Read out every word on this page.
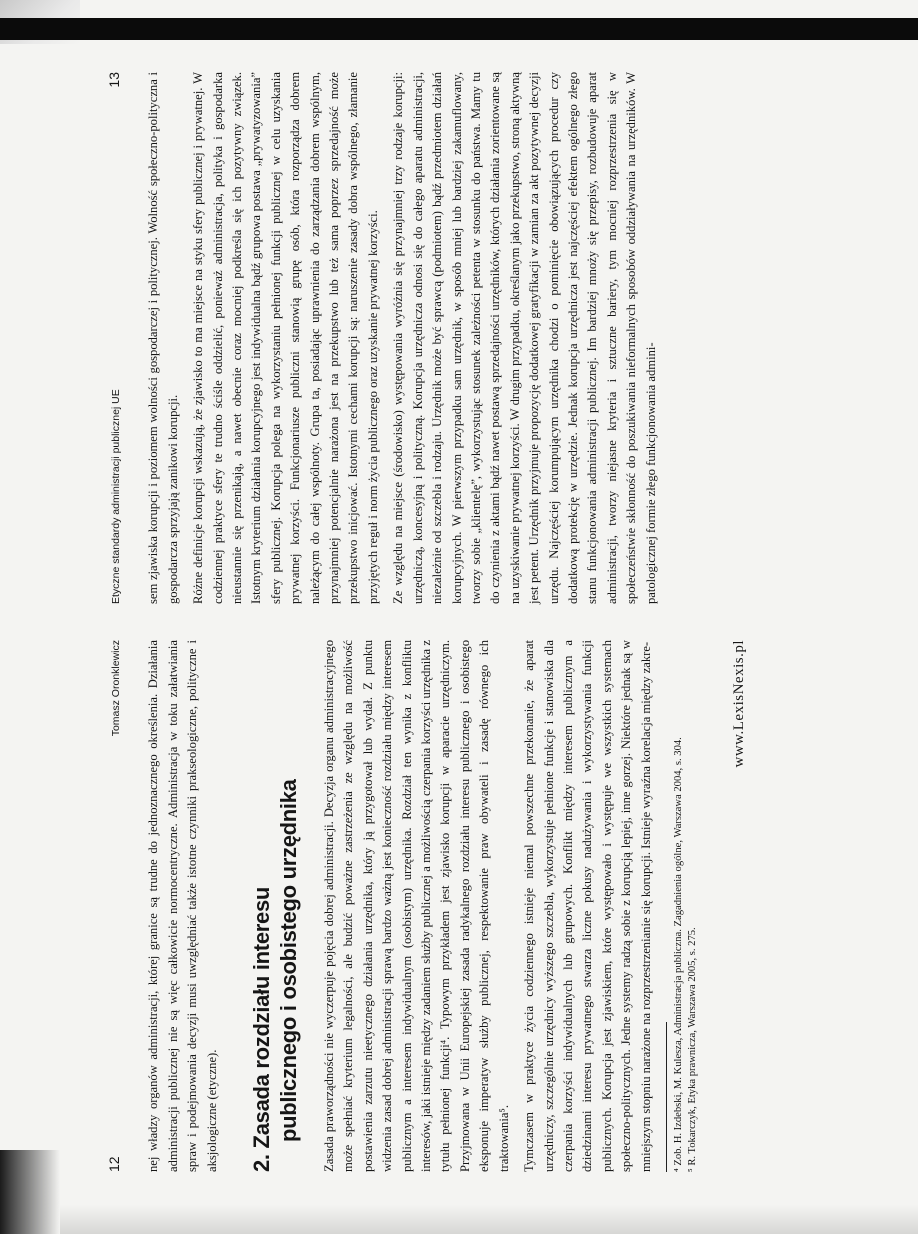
12
Tomasz Oronklewicz	nej władzy organów administracji, której granice są trudne do jednoznacznego określenia. Działania administracji publicznej nie są więc całkowicie normocentryczne. Administracja w toku załatwiania spraw i podejmowania decyzji musi uwzględniać także istotne czynniki prakseologiczne, polityczne i aksjologiczne (etyczne). 2. Zasada rozdziału interesu publicznego i osobistego urzędnika Zasada praworządności nie wyczerpuje pojęcia dobrej administracji. Decyzja organu administracyjnego może spełniać kryterium legalności, ale budzić poważne zastrzeżenia ze względu na możliwość postawienia zarzutu nieetycznego działania urzędnika, który ją przygotował lub wydał. Z punktu widzenia zasad dobrej administracji sprawą bardzo ważną jest konieczność rozdziału między interesem publicznym a interesem indywidualnym (osobistym) urzędnika. Rozdział ten wynika z konfliktu interesów, jaki istnieje między zadaniem służby publicznej a możliwością czerpania korzyści urzędnika z tytułu pełnionej funkcji⁴. Typowym przykładem jest zjawisko korupcji w aparacie urzędniczym. Przyjmowana w Unii Europejskiej zasada radykalnego rozdziału interesu publicznego i osobistego eksponuje imperatyw służby publicznej, respektowanie praw obywateli i zasadę równego ich traktowania⁵. Tymczasem w praktyce życia codziennego istnieje niemal powszechne przekonanie, że aparat urzędniczy, szczególnie urzędnicy wyższego szczebla, wykorzystuje pełnione funkcje i stanowiska dla czerpania korzyści indywidualnych lub grupowych. Konflikt między interesem publicznym a dziedzinami interesu prywatnego stwarza liczne pokusy nadużywania i wykorzystywania funkcji publicznych. Korupcja jest zjawiskiem, które występowało i występuje we wszystkich systemach społeczno-politycznych. Jedne systemy radzą sobie z korupcją lepiej, inne gorzej. Niektóre jednak są w mniejszym stopniu narażone na rozprzestrzenianie się korupcji. Istnieje wyraźna korelacja między zakre-	⁴ Zob. H. Izdebski, M. Kulesza, Administracja publiczna. Zagadnienia ogólne, Warszawa 2004, s. 304. ⁵ R. Tokarczyk, Etyka prawnicza, Warszawa 2005, s. 275.
www.LexisNexis.pl
Etyczne standardy administracji publicznej UE
13 sem zjawiska korupcji i poziomem wolności gospodarczej i politycznej. Wolność społeczno-polityczna i gospodarcza sprzyjają zanikowi korupcji. Różne definicje korupcji wskazują, że zjawisko to ma miejsce na styku sfery publicznej i prywatnej. W codziennej praktyce sfery te trudno ściśle oddzielić, ponieważ administracja, polityka i gospodarka nieustannie się przenikają, a nawet obecnie coraz mocniej podkreśla się ich pozytywny związek. Istotnym kryterium działania korupcyjnego jest indywidualna bądź grupowa postawa „prywatyzowania” sfery publicznej. Korupcja polega na wykorzystaniu pełnionej funkcji publicznej w celu uzyskania prywatnej korzyści. Funkcjonariusze publiczni stanowią grupę osób, która rozporządza dobrem należącym do całej wspólnoty. Grupa ta, posiadając uprawnienia do zarządzania dobrem wspólnym, przynajmniej potencjalnie narażona jest na przekupstwo lub też sama poprzez sprzedajność może przekupstwo inicjować. Istotnymi cechami korupcji są: naruszenie zasady dobra wspólnego, złamanie przyjętych reguł i norm życia publicznego oraz uzyskanie prywatnej korzyści. Ze względu na miejsce (środowisko) występowania wyróżnia się przynajmniej trzy rodzaje korupcji: urzędniczą, koncesyjną i polityczną. Korupcja urzędnicza odnosi się do całego aparatu administracji, niezależnie od szczebla i rodzaju. Urzędnik może być sprawcą (podmiotem) bądź przedmiotem działań korupcyjnych. W pierwszym przypadku sam urzędnik, w sposób mniej lub bardziej zakamuflowany, tworzy sobie „klientelę”, wykorzystując stosunek zależności petenta w stosunku do państwa. Mamy tu do czynienia z aktami bądź nawet postawą sprzedajności urzędników, których działania zorientowane są na uzyskiwanie prywatnej korzyści. W drugim przypadku, określanym jako przekupstwo, stroną aktywną jest petent. Urzędnik przyjmuje propozycję dodatkowej gratyfikacji w zamian za akt pozytywnej decyzji urzędu. Najczęściej korumpującym urzędnika chodzi o pominięcie obowiązujących procedur czy dodatkową protekcję w urzędzie. Jednak korupcja urzędnicza jest najczęściej efektem ogólnego złego stanu funkcjonowania administracji publicznej. Im bardziej mnoży się przepisy, rozbudowuje aparat administracji, tworzy niejasne kryteria i sztuczne bariery, tym mocniej rozprzestrzenia się w społeczeństwie skłonność do poszukiwania nieformalnych sposobów oddziaływania na urzędników. W patologicznej formie złego funkcjonowania admini-
